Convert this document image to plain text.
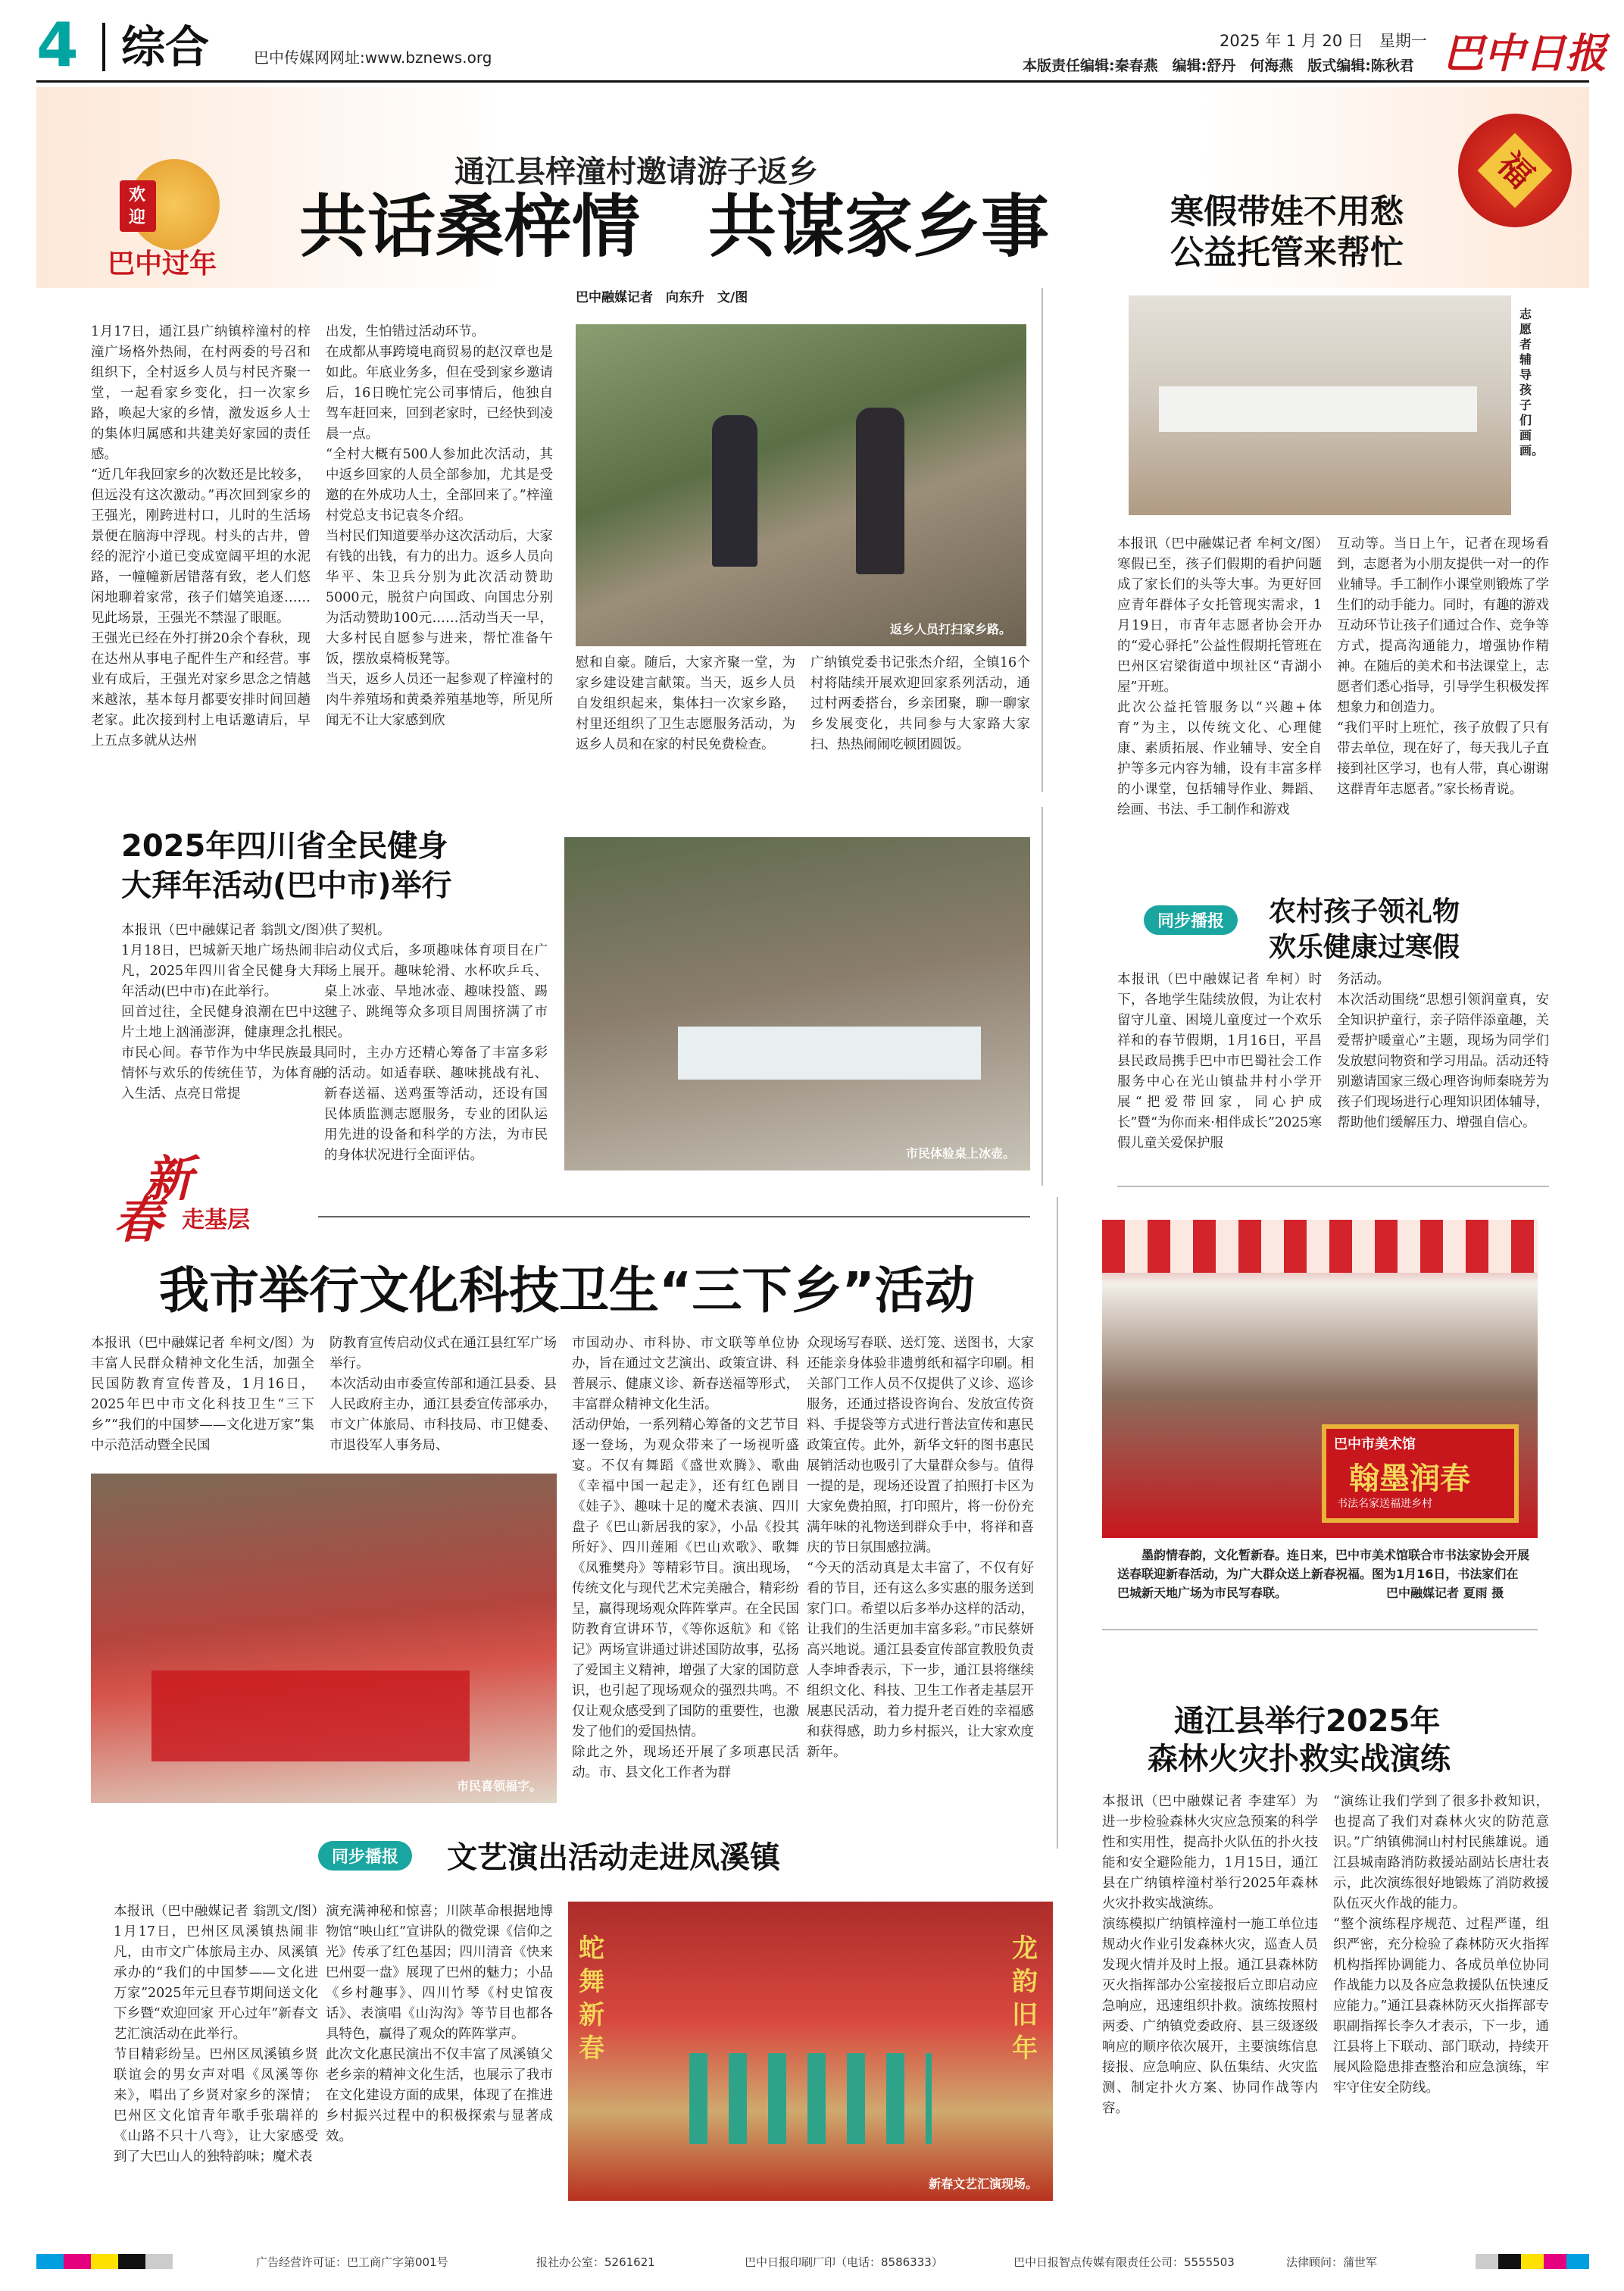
4 综合	巴中传媒网网址:www.bznews.org
2025 年 1 月 20 日　星期一
本版责任编辑:秦春燕　编辑:舒丹　何海燕　版式编辑:陈秋君 巴中日报
欢迎
巴中过年
通江县梓潼村邀请游子返乡
共话桑梓情　共谋家乡事
福
巴中融媒记者　向东升　文/图
1月17日，通江县广纳镇梓潼村的梓潼广场格外热闹，在村两委的号召和组织下，全村返乡人员与村民齐聚一堂，一起看家乡变化，扫一次家乡路，唤起大家的乡情，激发返乡人士的集体归属感和共建美好家园的责任感。
“近几年我回家乡的次数还是比较多，但远没有这次激动。”再次回到家乡的王强光，刚跨进村口，儿时的生活场景便在脑海中浮现。村头的古井，曾经的泥泞小道已变成宽阔平坦的水泥路，一幢幢新居错落有致，老人们悠闲地聊着家常，孩子们嬉笑追逐……见此场景，王强光不禁湿了眼眶。
王强光已经在外打拼20余个春秋，现在达州从事电子配件生产和经营。事业有成后，王强光对家乡思念之情越来越浓，基本每月都要安排时间回趟老家。此次接到村上电话邀请后，早上五点多就从达州
出发，生怕错过活动环节。
在成都从事跨境电商贸易的赵汉章也是如此。年底业务多，但在受到家乡邀请后，16日晚忙完公司事情后，他独自驾车赶回来，回到老家时，已经快到凌晨一点。
“全村大概有500人参加此次活动，其中返乡回家的人员全部参加，尤其是受邀的在外成功人士，全部回来了。”梓潼村党总支书记袁冬介绍。
当村民们知道要举办这次活动后，大家有钱的出钱，有力的出力。返乡人员向华平、朱卫兵分别为此次活动赞助5000元，脱贫户向国政、向国忠分别为活动赞助100元……活动当天一早，大多村民自愿参与进来，帮忙准备午饭，摆放桌椅板凳等。
当天，返乡人员还一起参观了梓潼村的肉牛养殖场和黄桑养殖基地等，所见所闻无不让大家感到欣
返乡人员打扫家乡路。
慰和自豪。随后，大家齐聚一堂，为家乡建设建言献策。当天，返乡人员自发组织起来，集体扫一次家乡路，村里还组织了卫生志愿服务活动，为返乡人员和在家的村民免费检查。
广纳镇党委书记张杰介绍，全镇16个村将陆续开展欢迎回家系列活动，通过村两委搭台，乡亲团聚，聊一聊家乡发展变化，共同参与大家路大家扫、热热闹闹吃顿团圆饭。
寒假带娃不用愁
公益托管来帮忙
志愿者辅导孩子们画画。
本报讯（巴中融媒记者 牟柯文/图）寒假已至，孩子们假期的看护问题成了家长们的头等大事。为更好回应青年群体子女托管现实需求，1月19日，市青年志愿者协会开办的“爱心驿托”公益性假期托管班在巴州区宕梁街道中坝社区“青湖小屋”开班。
此次公益托管服务以“兴趣+体育”为主，以传统文化、心理健康、素质拓展、作业辅导、安全自护等多元内容为辅，设有丰富多样的小课堂，包括辅导作业、舞蹈、绘画、书法、手工制作和游戏
互动等。当日上午，记者在现场看到，志愿者为小朋友提供一对一的作业辅导。手工制作小课堂则锻炼了学生们的动手能力。同时，有趣的游戏互动环节让孩子们通过合作、竞争等方式，提高沟通能力，增强协作精神。在随后的美术和书法课堂上，志愿者们悉心指导，引导学生积极发挥想象力和创造力。
“我们平时上班忙，孩子放假了只有带去单位，现在好了，每天我儿子直接到社区学习，也有人带，真心谢谢这群青年志愿者。”家长杨青说。
2025年四川省全民健身
大拜年活动(巴中市)举行
本报讯（巴中融媒记者 翁凯文/图）1月18日，巴城新天地广场热闹非凡，2025年四川省全民健身大拜年活动(巴中市)在此举行。
回首过往，全民健身浪潮在巴中这片土地上汹涌澎湃，健康理念扎根市民心间。春节作为中华民族最具情怀与欢乐的传统佳节，为体育融入生活、点亮日常提
供了契机。
启动仪式后，多项趣味体育项目在广场上展开。趣味轮滑、水杯吹乒乓、桌上冰壶、旱地冰壶、趣味投篮、踢毽子、跳绳等众多项目周围挤满了市民。
同时，主办方还精心筹备了丰富多彩的活动。如适春联、趣味挑战有礼、新春送福、送鸡蛋等活动，还设有国民体质监测志愿服务，专业的团队运用先进的设备和科学的方法，为市民的身体状况进行全面评估。	市民体验桌上冰壶。
同步播报	农村孩子领礼物
欢乐健康过寒假
本报讯（巴中融媒记者 牟柯）时下，各地学生陆续放假，为让农村留守儿童、困境儿童度过一个欢乐祥和的春节假期，1月16日，平昌县民政局携手巴中市巴蜀社会工作服务中心在光山镇盐井村小学开展“把爱带回家，同心护成长”暨“为你而来·相伴成长”2025寒假儿童关爱保护服
务活动。
本次活动围绕“思想引领润童真，安全知识护童行，亲子陪伴添童趣，关爱帮护暖童心”主题，现场为同学们发放慰问物资和学习用品。活动还特别邀请国家三级心理咨询师秦晓芳为孩子们现场进行心理知识团体辅导，帮助他们缓解压力、增强自信心。
新
春 走基层
我市举行文化科技卫生“三下乡”活动
本报讯（巴中融媒记者 牟柯文/图）为丰富人民群众精神文化生活，加强全民国防教育宣传普及，1月16日，2025年巴中市文化科技卫生“三下乡”“我们的中国梦——文化进万家”集中示范活动暨全民国
防教育宣传启动仪式在通江县红军广场举行。
本次活动由市委宣传部和通江县委、县人民政府主办，通江县委宣传部承办，市文广体旅局、市科技局、市卫健委、市退役军人事务局、
市民喜领福字。
市国动办、市科协、市文联等单位协办，旨在通过文艺演出、政策宣讲、科普展示、健康义诊、新春送福等形式，丰富群众精神文化生活。
活动伊始，一系列精心筹备的文艺节目逐一登场，为观众带来了一场视听盛宴。不仅有舞蹈《盛世欢腾》、歌曲《幸福中国一起走》，还有红色剧目《娃子》、趣味十足的魔术表演、四川盘子《巴山新居我的家》，小品《投其所好》、四川莲厢《巴山欢歌》、歌舞《凤雅樊舟》等精彩节目。演出现场，传统文化与现代艺术完美融合，精彩纷呈，赢得现场观众阵阵掌声。在全民国防教育宣讲环节，《等你返航》和《铭记》两场宣讲通过讲述国防故事，弘扬了爱国主义精神，增强了大家的国防意识，也引起了现场观众的强烈共鸣。不仅让观众感受到了国防的重要性，也激发了他们的爱国热情。
除此之外，现场还开展了多项惠民活动。市、县文化工作者为群
众现场写春联、送灯笼、送图书，大家还能亲身体验非遗剪纸和福字印刷。相关部门工作人员不仅提供了义诊、巡诊服务，还通过搭设咨询台、发放宣传资料、手提袋等方式进行普法宣传和惠民政策宣传。此外，新华文轩的图书惠民展销活动也吸引了大量群众参与。值得一提的是，现场还设置了拍照打卡区为大家免费拍照，打印照片，将一份份充满年味的礼物送到群众手中，将祥和喜庆的节日氛围感拉满。
“今天的活动真是太丰富了，不仅有好看的节目，还有这么多实惠的服务送到家门口。希望以后多举办这样的活动，让我们的生活更加丰富多彩。”市民蔡妍高兴地说。通江县委宣传部宣教股负责人李坤香表示，下一步，通江县将继续组织文化、科技、卫生工作者走基层开展惠民活动，着力提升老百姓的幸福感和获得感，助力乡村振兴，让大家欢度新年。
巴中市美术馆
翰墨润春
书法名家送福进乡村
墨韵情春韵，文化暂新春。连日来，巴中市美术馆联合市书法家协会开展送春联迎新春活动，为广大群众送上新春祝福。图为1月16日，书法家们在巴城新天地广场为市民写春联。	巴中融媒记者 夏雨 摄
通江县举行2025年
森林火灾扑救实战演练
本报讯（巴中融媒记者 李建军）为进一步检验森林火灾应急预案的科学性和实用性，提高扑火队伍的扑火技能和安全避险能力，1月15日，通江县在广纳镇梓潼村举行2025年森林火灾扑救实战演练。
演练模拟广纳镇梓潼村一施工单位违规动火作业引发森林火灾，巡查人员发现火情并及时上报。通江县森林防灭火指挥部办公室接报后立即启动应急响应，迅速组织扑救。演练按照村两委、广纳镇党委政府、县三级逐级响应的顺序依次展开，主要演练信息接报、应急响应、队伍集结、火灾监测、制定扑火方案、协同作战等内容。
“演练让我们学到了很多扑救知识，也提高了我们对森林火灾的防范意识。”广纳镇佛洞山村村民熊雄说。通江县城南路消防救援站副站长唐壮表示，此次演练很好地锻炼了消防救援队伍灭火作战的能力。
“整个演练程序规范、过程严谨，组织严密，充分检验了森林防灭火指挥机构指挥协调能力、各成员单位协同作战能力以及各应急救援队伍快速反应能力。”通江县森林防灭火指挥部专职副指挥长李久才表示，下一步，通江县将上下联动、部门联动，持续开展风险隐患排查整治和应急演练，牢牢守住安全防线。
同步播报	文艺演出活动走进凤溪镇
本报讯（巴中融媒记者 翁凯文/图）1月17日，巴州区凤溪镇热闹非凡，由市文广体旅局主办、凤溪镇承办的“我们的中国梦——文化进万家”2025年元旦春节期间送文化下乡暨“欢迎回家 开心过年”新春文艺汇演活动在此举行。
节目精彩纷呈。巴州区凤溪镇乡贤联谊会的男女声对唱《凤溪等你来》，唱出了乡贤对家乡的深情；巴州区文化馆青年歌手张瑞祥的《山路不只十八弯》，让大家感受到了大巴山人的独特韵味；魔术表
演充满神秘和惊喜；川陕革命根据地博物馆“映山红”宣讲队的微党课《信仰之光》传承了红色基因；四川清音《快来巴州耍一盘》展现了巴州的魅力；小品《乡村趣事》、四川竹琴《村史馆夜话》、表演唱《山沟沟》等节目也都各具特色，赢得了观众的阵阵掌声。
此次文化惠民演出不仅丰富了凤溪镇父老乡亲的精神文化生活，也展示了我市在文化建设方面的成果，体现了在推进乡村振兴过程中的积极探索与显著成效。
蛇舞新春
龙韵旧年
新春文艺汇演现场。
广告经营许可证：巴工商广字第001号	报社办公室：5261621	巴中日报印刷厂印（电话：8586333）	巴中日报智点传媒有限责任公司：5555503	法律顾问：蒲世军
